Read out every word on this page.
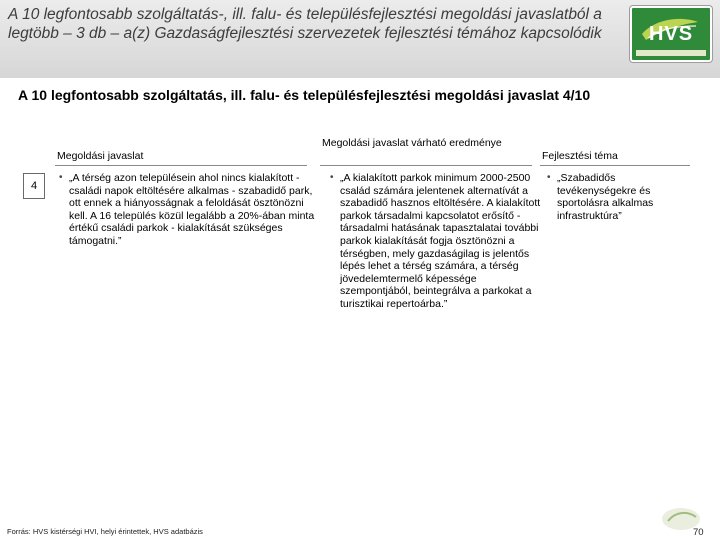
A 10 legfontosabb szolgáltatás-, ill. falu- és településfejlesztési megoldási javaslatból a legtöbb – 3 db – a(z) Gazdaságfejlesztési szervezetek fejlesztési témához kapcsolódik	HVS
A 10 legfontosabb szolgáltatás, ill. falu- és településfejlesztési megoldási javaslat 4/10
Megoldási javaslat
Megoldási javaslat várható eredménye
Fejlesztési téma
4
• „A térség azon településein ahol nincs kialakított - családi napok eltöltésére alkalmas - szabadidő park, ott ennek a hiányosságnak a feloldását ösztönözni kell. A 16 település közül legalább a 20%-ában minta értékű családi parkok - kialakítását szükséges támogatni.”
• „A kialakított parkok minimum 2000-2500 család számára jelentenek alternatívát a szabadidő hasznos eltöltésére. A kialakított parkok társadalmi kapcsolatot erősítő - társadalmi hatásának tapasztalatai további parkok kialakítását fogja ösztönözni a térségben, mely gazdaságilag is jelentős lépés lehet a térség számára, a térség jövedelemtermelő képessége szempontjából, beintegrálva a parkokat a turisztikai repertoárba.”
• „Szabadidős tevékenységekre és sportolásra alkalmas infrastruktúra”
Forrás: HVS kistérségi HVI, helyi érintettek, HVS adatbázis	70
